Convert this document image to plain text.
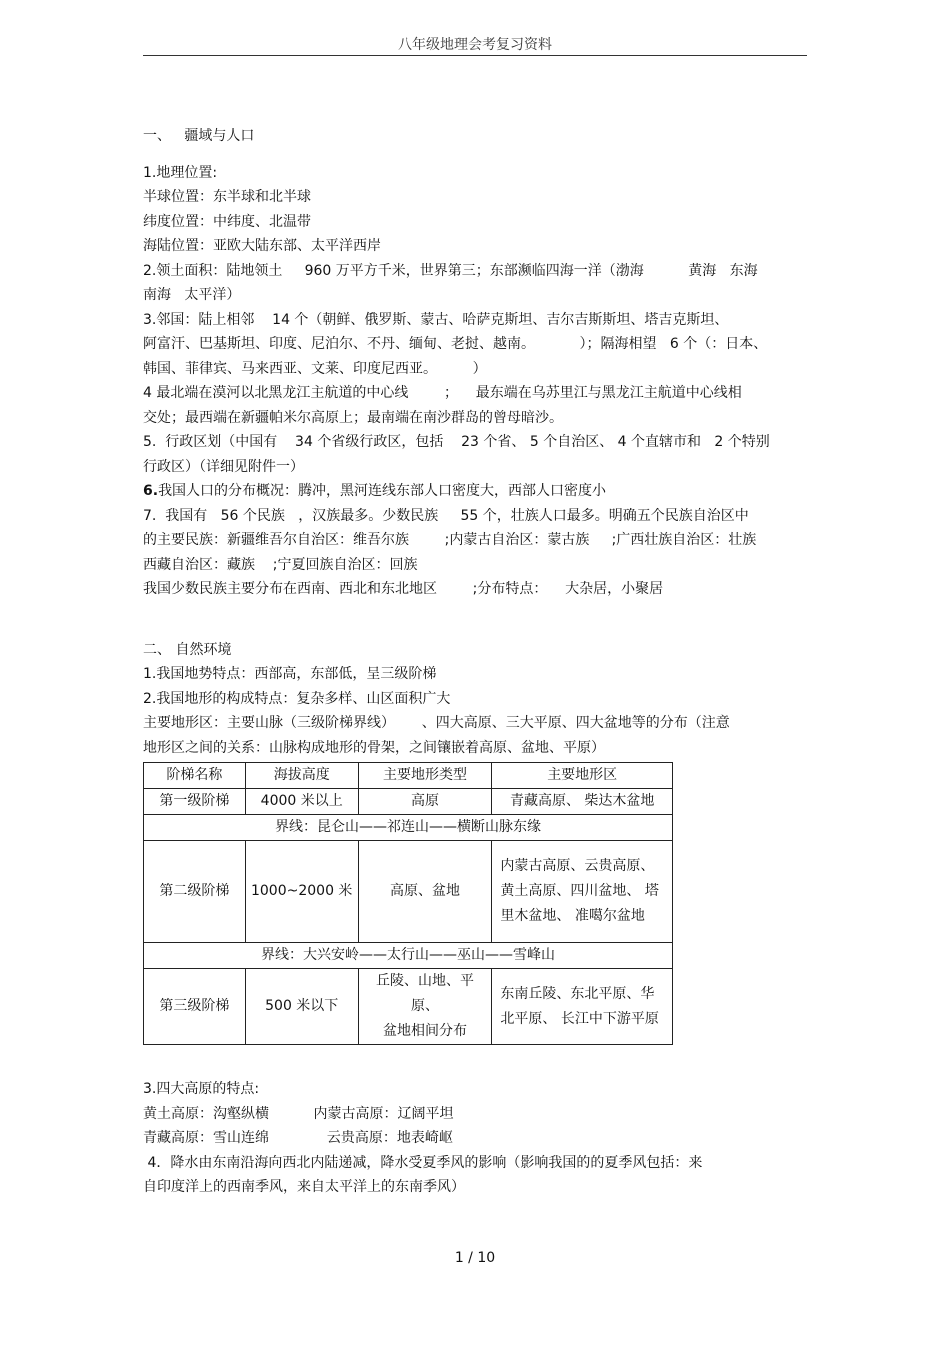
八年级地理会考复习资料

一、   疆域与人口

1.地理位置:

半球位置：东半球和北半球

纬度位置：中纬度、北温带

海陆位置：亚欧大陆东部、太平洋西岸

2.领土面积：陆地领土     960 万平方千米，世界第三；东部濒临四海一洋（渤海          黄海   东海

南海   太平洋）

3.邻国：陆上相邻    14 个（朝鲜、俄罗斯、蒙古、哈萨克斯坦、吉尔吉斯斯坦、塔吉克斯坦、

阿富汗、巴基斯坦、印度、尼泊尔、不丹、缅甸、老挝、越南。          ）；隔海相望   6 个（：日本、

韩国、菲律宾、马来西亚、文莱、印度尼西亚。        ）

4 最北端在漠河以北黑龙江主航道的中心线        ；    最东端在乌苏里江与黑龙江主航道中心线相

交处；最西端在新疆帕米尔高原上；最南端在南沙群岛的曾母暗沙。

5.  行政区划（中国有    34 个省级行政区，包括    23 个省、 5 个自治区、 4 个直辖市和   2 个特别

行政区）（详细见附件一）

6.我国人口的分布概况：腾冲，黑河连线东部人口密度大，西部人口密度小

7.  我国有   56 个民族   ，汉族最多。少数民族     55 个，壮族人口最多。明确五个民族自治区中

的主要民族：新疆维吾尔自治区：维吾尔族        ;内蒙古自治区：蒙古族     ;广西壮族自治区：壮族

西藏自治区：藏族    ;宁夏回族自治区：回族

我国少数民族主要分布在西南、西北和东北地区        ;分布特点：    大杂居，小聚居

二、 自然环境

1.我国地势特点：西部高，东部低，呈三级阶梯

2.我国地形的构成特点：复杂多样、山区面积广大

主要地形区：主要山脉（三级阶梯界线）      、四大高原、三大平原、四大盆地等的分布（注意

地形区之间的关系：山脉构成地形的骨架，之间镶嵌着高原、盆地、平原）

阶梯名称	海拔高度	主要地形类型	主要地形区
第一级阶梯	4000 米以上	高原	青藏高原、 柴达木盆地
界线：昆仑山——祁连山——横断山脉东缘			
第二级阶梯	1000~2000 米	高原、盆地	内蒙古高原、云贵高原、 黄土高原、四川盆地、 塔里木盆地、 准噶尔盆地
界线：大兴安岭——太行山——巫山——雪峰山			
第三级阶梯	500 米以下	丘陵、山地、平原、
盆地相间分布	东南丘陵、东北平原、华北平原、 长江中下游平原

3.四大高原的特点:

黄土高原：沟壑纵横          内蒙古高原：辽阔平坦

青藏高原：雪山连绵             云贵高原：地表崎岖

4．降水由东南沿海向西北内陆递减，降水受夏季风的影响（影响我国的的夏季风包括：来

自印度洋上的西南季风，来自太平洋上的东南季风）

1 / 10
